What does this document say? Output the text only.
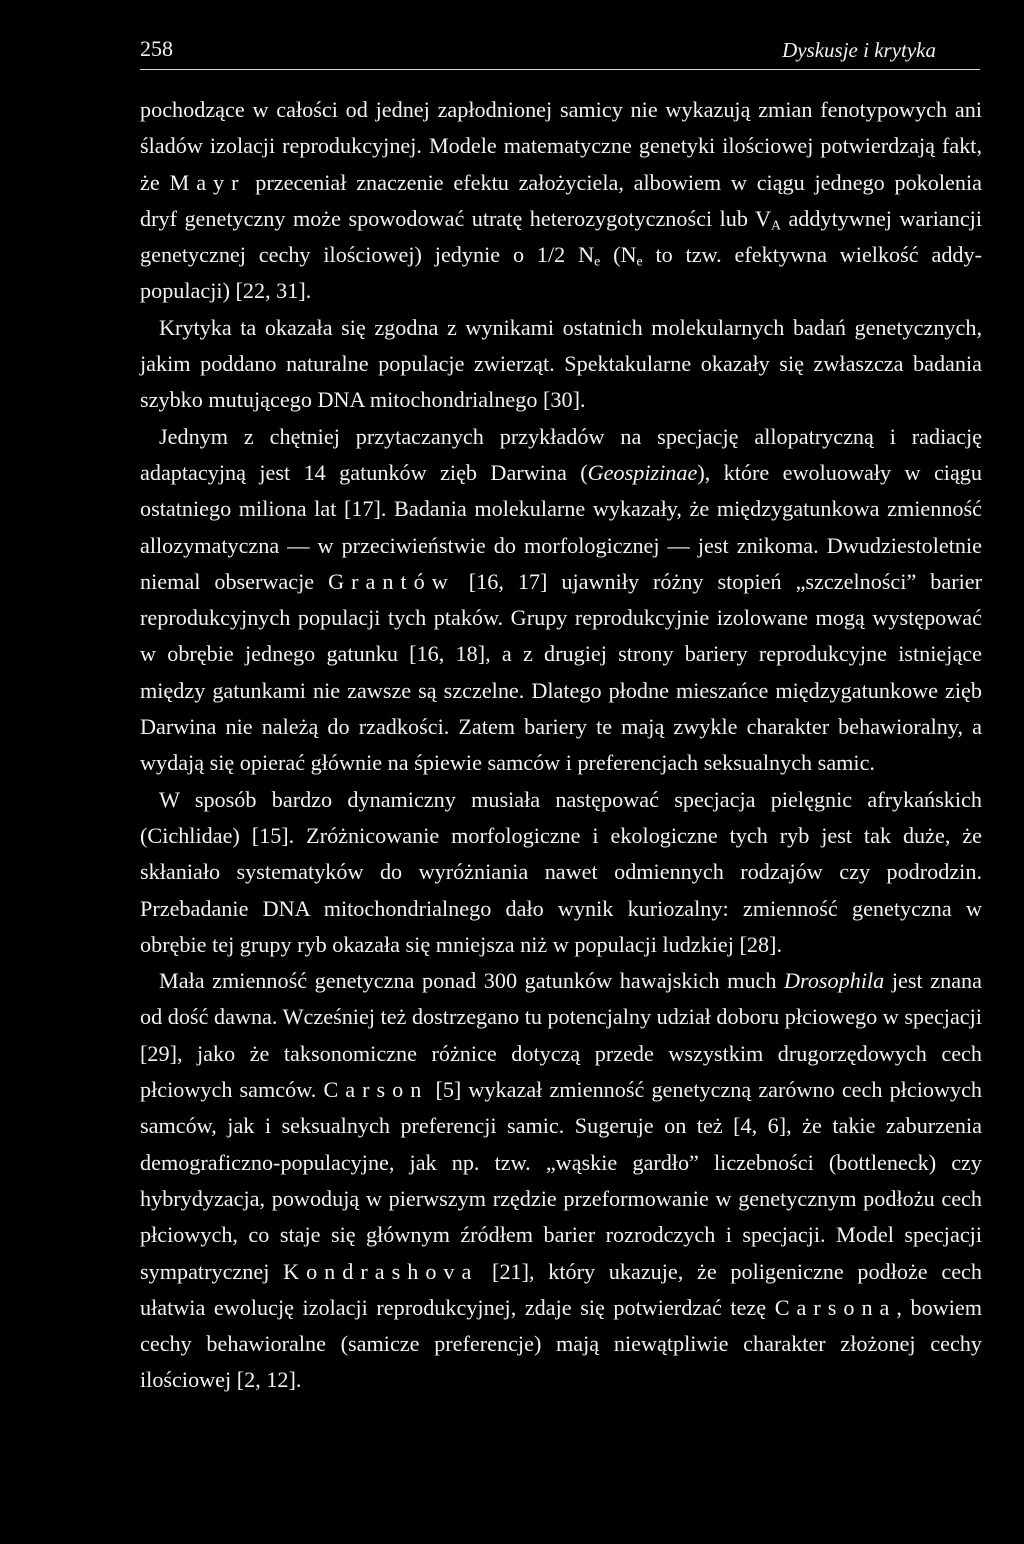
258	Dyskusje i krytyka

pochodzące w całości od jednej zapłodnionej samicy nie wykazują zmian fenotypowych ani śladów izolacji reprodukcyjnej. Modele matematyczne genetyki ilościowej potwierdzają fakt, że Mayr przeceniał znaczenie efektu założyciela, albowiem w ciągu jednego pokolenia dryf genetyczny może spowodować utratę heterozygotyczności lub $V_A$ addytywnej wariancji genetycznej cechy ilościowej) jedynie o 1/2 $N_e$ ($N_e$ to tzw. efektywna wielkość addy-populacji) [22, 31].

Krytyka ta okazała się zgodna z wynikami ostatnich molekularnych badań genetycznych, jakim poddano naturalne populacje zwierząt. Spektakularne okazały się zwłaszcza badania szybko mutującego DNA mitochondrialnego [30].

Jednym z chętniej przytaczanych przykładów na specjację allopatryczną i radiację adaptacyjną jest 14 gatunków zięb Darwina (Geospizinae), które ewoluowały w ciągu ostatniego miliona lat [17]. Badania molekularne wykazały, że międzygatunkowa zmienność allozymatyczna — w przeciwieństwie do morfologicznej — jest znikoma. Dwudziestoletnie niemal obserwacje Grantów [16, 17] ujawniły różny stopień „szczelności” barier reprodukcyjnych populacji tych ptaków. Grupy reprodukcyjnie izolowane mogą występować w obrębie jednego gatunku [16, 18], a z drugiej strony bariery reprodukcyjne istniejące między gatunkami nie zawsze są szczelne. Dlatego płodne mieszańce międzygatunkowe zięb Darwina nie należą do rzadkości. Zatem bariery te mają zwykle charakter behawioralny, a wydają się opierać głównie na śpiewie samców i preferencjach seksualnych samic.

W sposób bardzo dynamiczny musiała następować specjacja pielęgnic afrykańskich (Cichlidae) [15]. Zróżnicowanie morfologiczne i ekologiczne tych ryb jest tak duże, że skłaniało systematyków do wyróżniania nawet odmiennych rodzajów czy podrodzin. Przebadanie DNA mitochondrialnego dało wynik kuriozalny: zmienność genetyczna w obrębie tej grupy ryb okazała się mniejsza niż w populacji ludzkiej [28].

Mała zmienność genetyczna ponad 300 gatunków hawajskich much Drosophila jest znana od dość dawna. Wcześniej też dostrzegano tu potencjalny udział doboru płciowego w specjacji [29], jako że taksonomiczne różnice dotyczą przede wszystkim drugorzędowych cech płciowych samców. Carson [5] wykazał zmienność genetyczną zarówno cech płciowych samców, jak i seksualnych preferencji samic. Sugeruje on też [4, 6], że takie zaburzenia demograficzno-populacyjne, jak np. tzw. „wąskie gardło” liczebności (bottleneck) czy hybrydyzacja, powodują w pierwszym rzędzie przeformowanie w genetycznym podłożu cech płciowych, co staje się głównym źródłem barier rozrodczych i specjacji. Model specjacji sympatrycznej Kondrashova [21], który ukazuje, że poligeniczne podłoże cech ułatwia ewolucję izolacji reprodukcyjnej, zdaje się potwierdzać tezę Carsona, bowiem cechy behawioralne (samicze preferencje) mają niewątpliwie charakter złożonej cechy ilościowej [2, 12].
